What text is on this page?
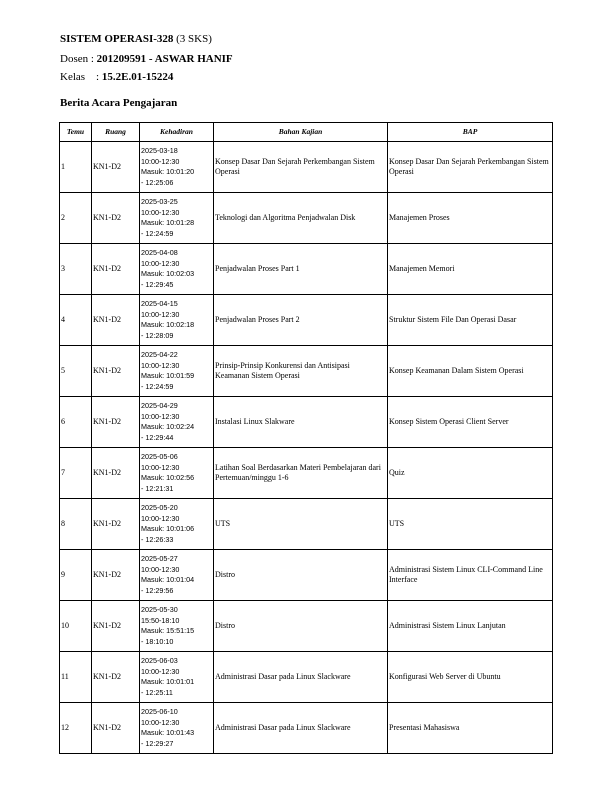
SISTEM OPERASI-328 (3 SKS)
Dosen : 201209591 - ASWAR HANIF
Kelas    : 15.2E.01-15224
Berita Acara Pengajaran
Temu	Ruang	Kehadiran	Bahan Kajian	BAP
1	KN1-D2	2025-03-18
10:00-12:30
Masuk: 10:01:20
- 12:25:06	Konsep Dasar Dan Sejarah Perkembangan Sistem Operasi	Konsep Dasar Dan Sejarah Perkembangan Sistem Operasi
2	KN1-D2	2025-03-25
10:00-12:30
Masuk: 10:01:28
- 12:24:59	Teknologi dan Algoritma Penjadwalan Disk	Manajemen Proses
3	KN1-D2	2025-04-08
10:00-12:30
Masuk: 10:02:03
- 12:29:45	Penjadwalan Proses Part 1	Manajemen Memori
4	KN1-D2	2025-04-15
10:00-12:30
Masuk: 10:02:18
- 12:28:09	Penjadwalan Proses Part 2	Struktur Sistem File Dan Operasi Dasar
5	KN1-D2	2025-04-22
10:00-12:30
Masuk: 10:01:59
- 12:24:59	Prinsip-Prinsip Konkurensi dan Antisipasi Keamanan Sistem Operasi	Konsep Keamanan Dalam Sistem Operasi
6	KN1-D2	2025-04-29
10:00-12:30
Masuk: 10:02:24
- 12:29:44	Instalasi Linux Slakware	Konsep Sistem Operasi Client Server
7	KN1-D2	2025-05-06
10:00-12:30
Masuk: 10:02:56
- 12:21:31	Latihan Soal Berdasarkan Materi Pembelajaran dari Pertemuan/minggu 1-6	Quiz
8	KN1-D2	2025-05-20
10:00-12:30
Masuk: 10:01:06
- 12:26:33	UTS	UTS
9	KN1-D2	2025-05-27
10:00-12:30
Masuk: 10:01:04
- 12:29:56	Distro	Administrasi Sistem Linux CLI-Command Line Interface
10	KN1-D2	2025-05-30
15:50-18:10
Masuk: 15:51:15
- 18:10:10	Distro	Administrasi Sistem Linux Lanjutan
11	KN1-D2	2025-06-03
10:00-12:30
Masuk: 10:01:01
- 12:25:11	Administrasi Dasar pada Linux Slackware	Konfigurasi Web Server di Ubuntu
12	KN1-D2	2025-06-10
10:00-12:30
Masuk: 10:01:43
- 12:29:27	Administrasi Dasar pada Linux Slackware	Presentasi Mahasiswa
